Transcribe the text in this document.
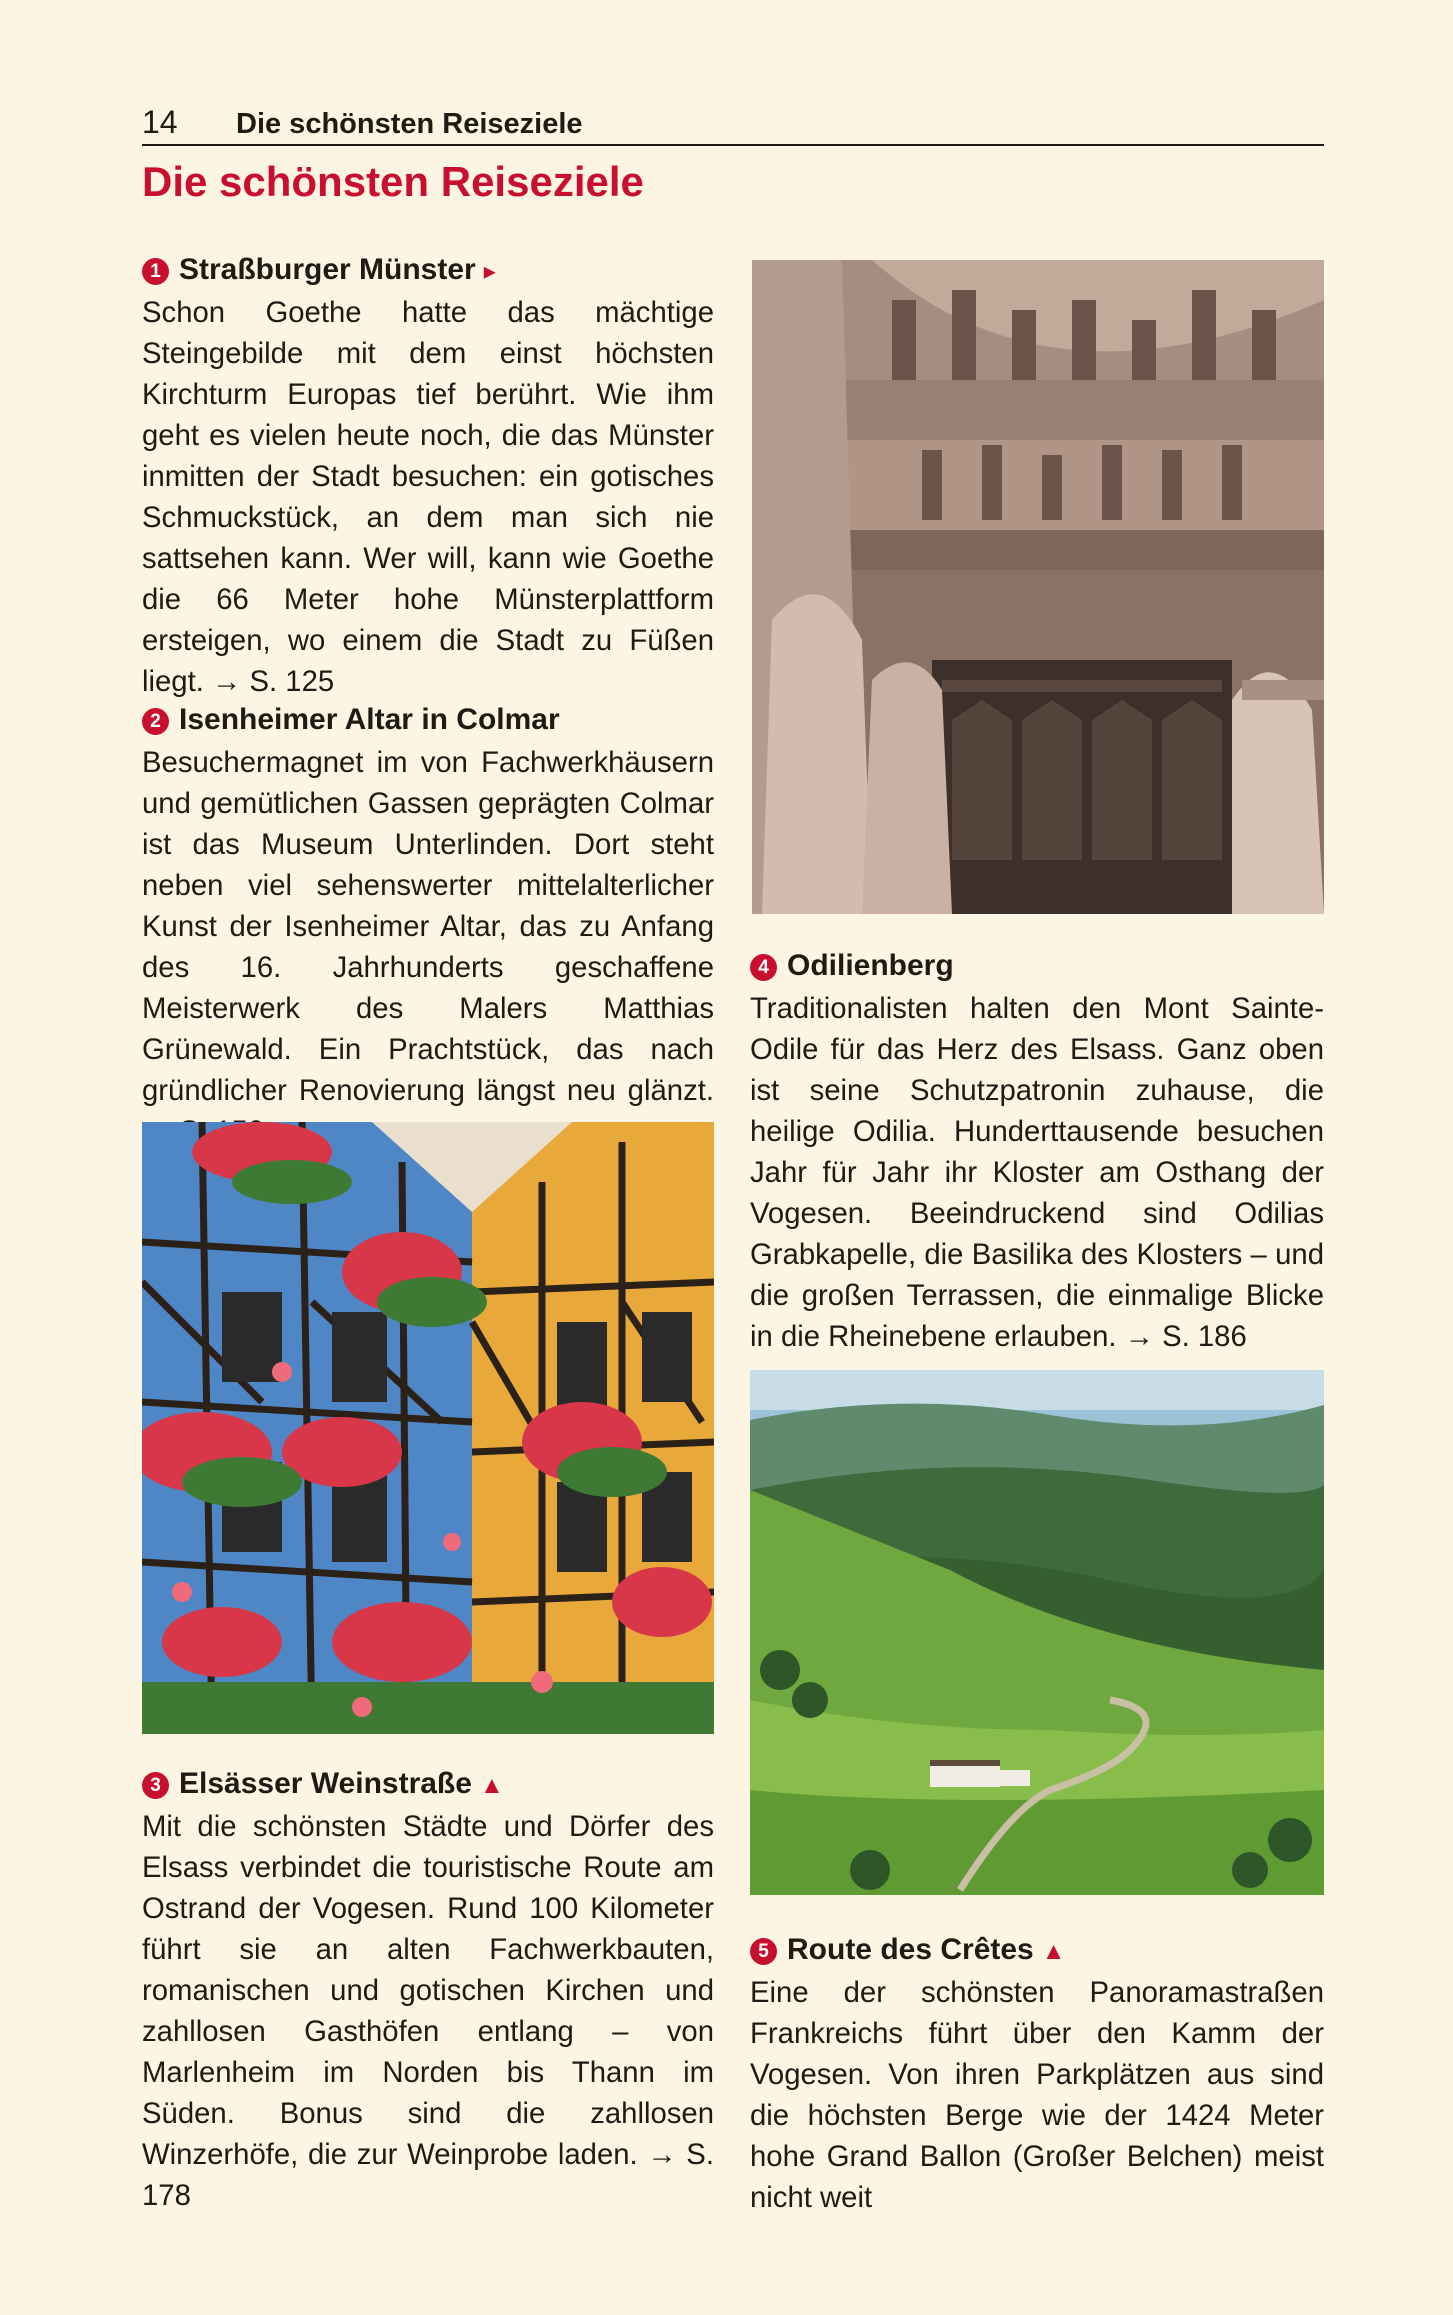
14 Die schönsten Reiseziele
Die schönsten Reiseziele
1 Straßburger Münster ▸

Schon Goethe hatte das mächtige Steingebilde mit dem einst höchsten Kirchturm Europas tief berührt. Wie ihm geht es vielen heute noch, die das Münster inmitten der Stadt besuchen: ein gotisches Schmuckstück, an dem man sich nie sattsehen kann. Wer will, kann wie Goethe die 66 Meter hohe Münsterplattform ersteigen, wo einem die Stadt zu Füßen liegt. → S. 125

2 Isenheimer Altar in Colmar

Besuchermagnet im von Fachwerkhäusern und gemütlichen Gassen geprägten Colmar ist das Museum Unterlinden. Dort steht neben viel sehenswerter mittelalterlicher Kunst der Isenheimer Altar, das zu Anfang des 16. Jahrhunderts geschaffene Meisterwerk des Malers Matthias Grünewald. Ein Prachtstück, das nach gründlicher Renovierung längst neu glänzt.

3 Elsässer Weinstraße ▲

Mit die schönsten Städte und Dörfer des Elsass verbindet die touristische Route am Ostrand der Vogesen. Rund 100 Kilometer führt sie an alten Fachwerkbauten, romanischen und gotischen Kirchen und zahllosen Gasthöfen entlang – von Marlenheim im Norden bis Thann im Süden. Bonus sind die zahllosen Winzerhöfe, die zur Weinprobe laden. → S. 178

4 Odilienberg

Traditionalisten halten den Mont Sainte-Odile für das Herz des Elsass. Ganz oben ist seine Schutzpatronin zuhause, die heilige Odilia. Hunderttausende besuchen Jahr für Jahr ihr Kloster am Osthang der Vogesen. Beeindruckend sind Odilias Grabkapelle, die Basilika des Klosters – und die großen Terrassen, die einmalige Blicke in die Rheinebene erlauben. → S. 186

5 Route des Crêtes ▲

Eine der schönsten Panoramastraßen Frankreichs führt über den Kamm der Vogesen. Von ihren Parkplätzen aus sind die höchsten Berge wie der 1424 Meter hohe Grand Ballon (Großer Belchen) meist nicht weit
